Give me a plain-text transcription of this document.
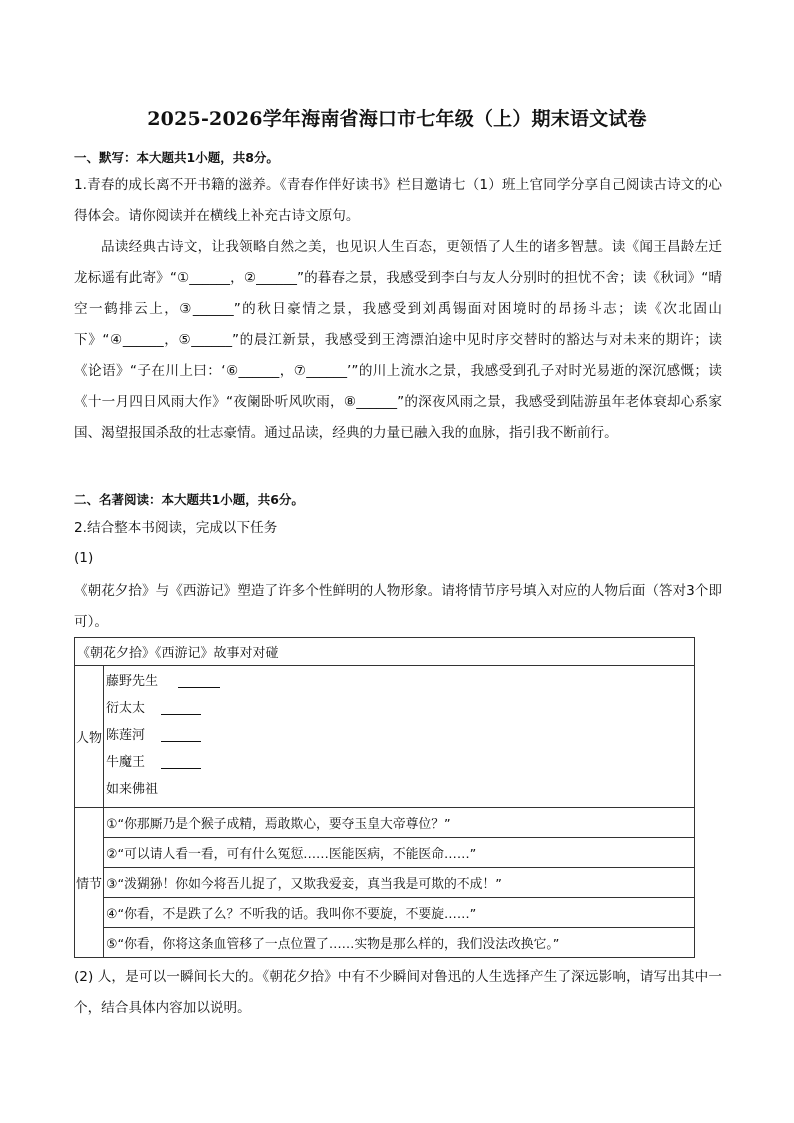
2025-2026学年海南省海口市七年级（上）期末语文试卷
一、默写：本大题共1小题，共8分。
1.青春的成长离不开书籍的滋养。《青春作伴好读书》栏目邀请七（1）班上官同学分享自己阅读古诗文的心得体会。请你阅读并在横线上补充古诗文原句。
品读经典古诗文，让我领略自然之美，也见识人生百态，更领悟了人生的诸多智慧。读《闻王昌龄左迁龙标遥有此寄》“①______，②______”的暮春之景，我感受到李白与友人分别时的担忧不舍；读《秋词》“晴空一鹤排云上，③______”的秋日豪情之景，我感受到刘禹锡面对困境时的昂扬斗志；读《次北固山下》“④______，⑤______”的晨江新景，我感受到王湾漂泊途中见时序交替时的豁达与对未来的期许；读《论语》“子在川上曰：‘⑥______，⑦______’”的川上流水之景，我感受到孔子对时光易逝的深沉感慨；读《十一月四日风雨大作》“夜阑卧听风吹雨，⑧______”的深夜风雨之景，我感受到陆游虽年老体衰却心系家国、渴望报国杀敌的壮志豪情。通过品读，经典的力量已融入我的血脉，指引我不断前行。
二、名著阅读：本大题共1小题，共6分。
2.结合整本书阅读，完成以下任务
(1)
《朝花夕拾》与《西游记》塑造了许多个性鲜明的人物形象。请将情节序号填入对应的人物后面（答对3个即可）。
《朝花夕拾》《西游记》故事对对碰	
人物	藤野先生
衍太太
陈莲河
牛魔王
如来佛祖

情节	①“你那厮乃是个猴子成精，焉敢欺心，要夺玉皇大帝尊位？”
	②“可以请人看一看，可有什么冤愆……医能医病，不能医命……”
	③“泼猢狲！你如今将吾儿捉了，又欺我爱妾，真当我是可欺的不成！”
	④“你看，不是跌了么？不听我的话。我叫你不要旋，不要旋……”
	⑤“你看，你将这条血管移了一点位置了……实物是那么样的，我们没法改换它。”
(2) 人，是可以一瞬间长大的。《朝花夕拾》中有不少瞬间对鲁迅的人生选择产生了深远影响，请写出其中一个，结合具体内容加以说明。
